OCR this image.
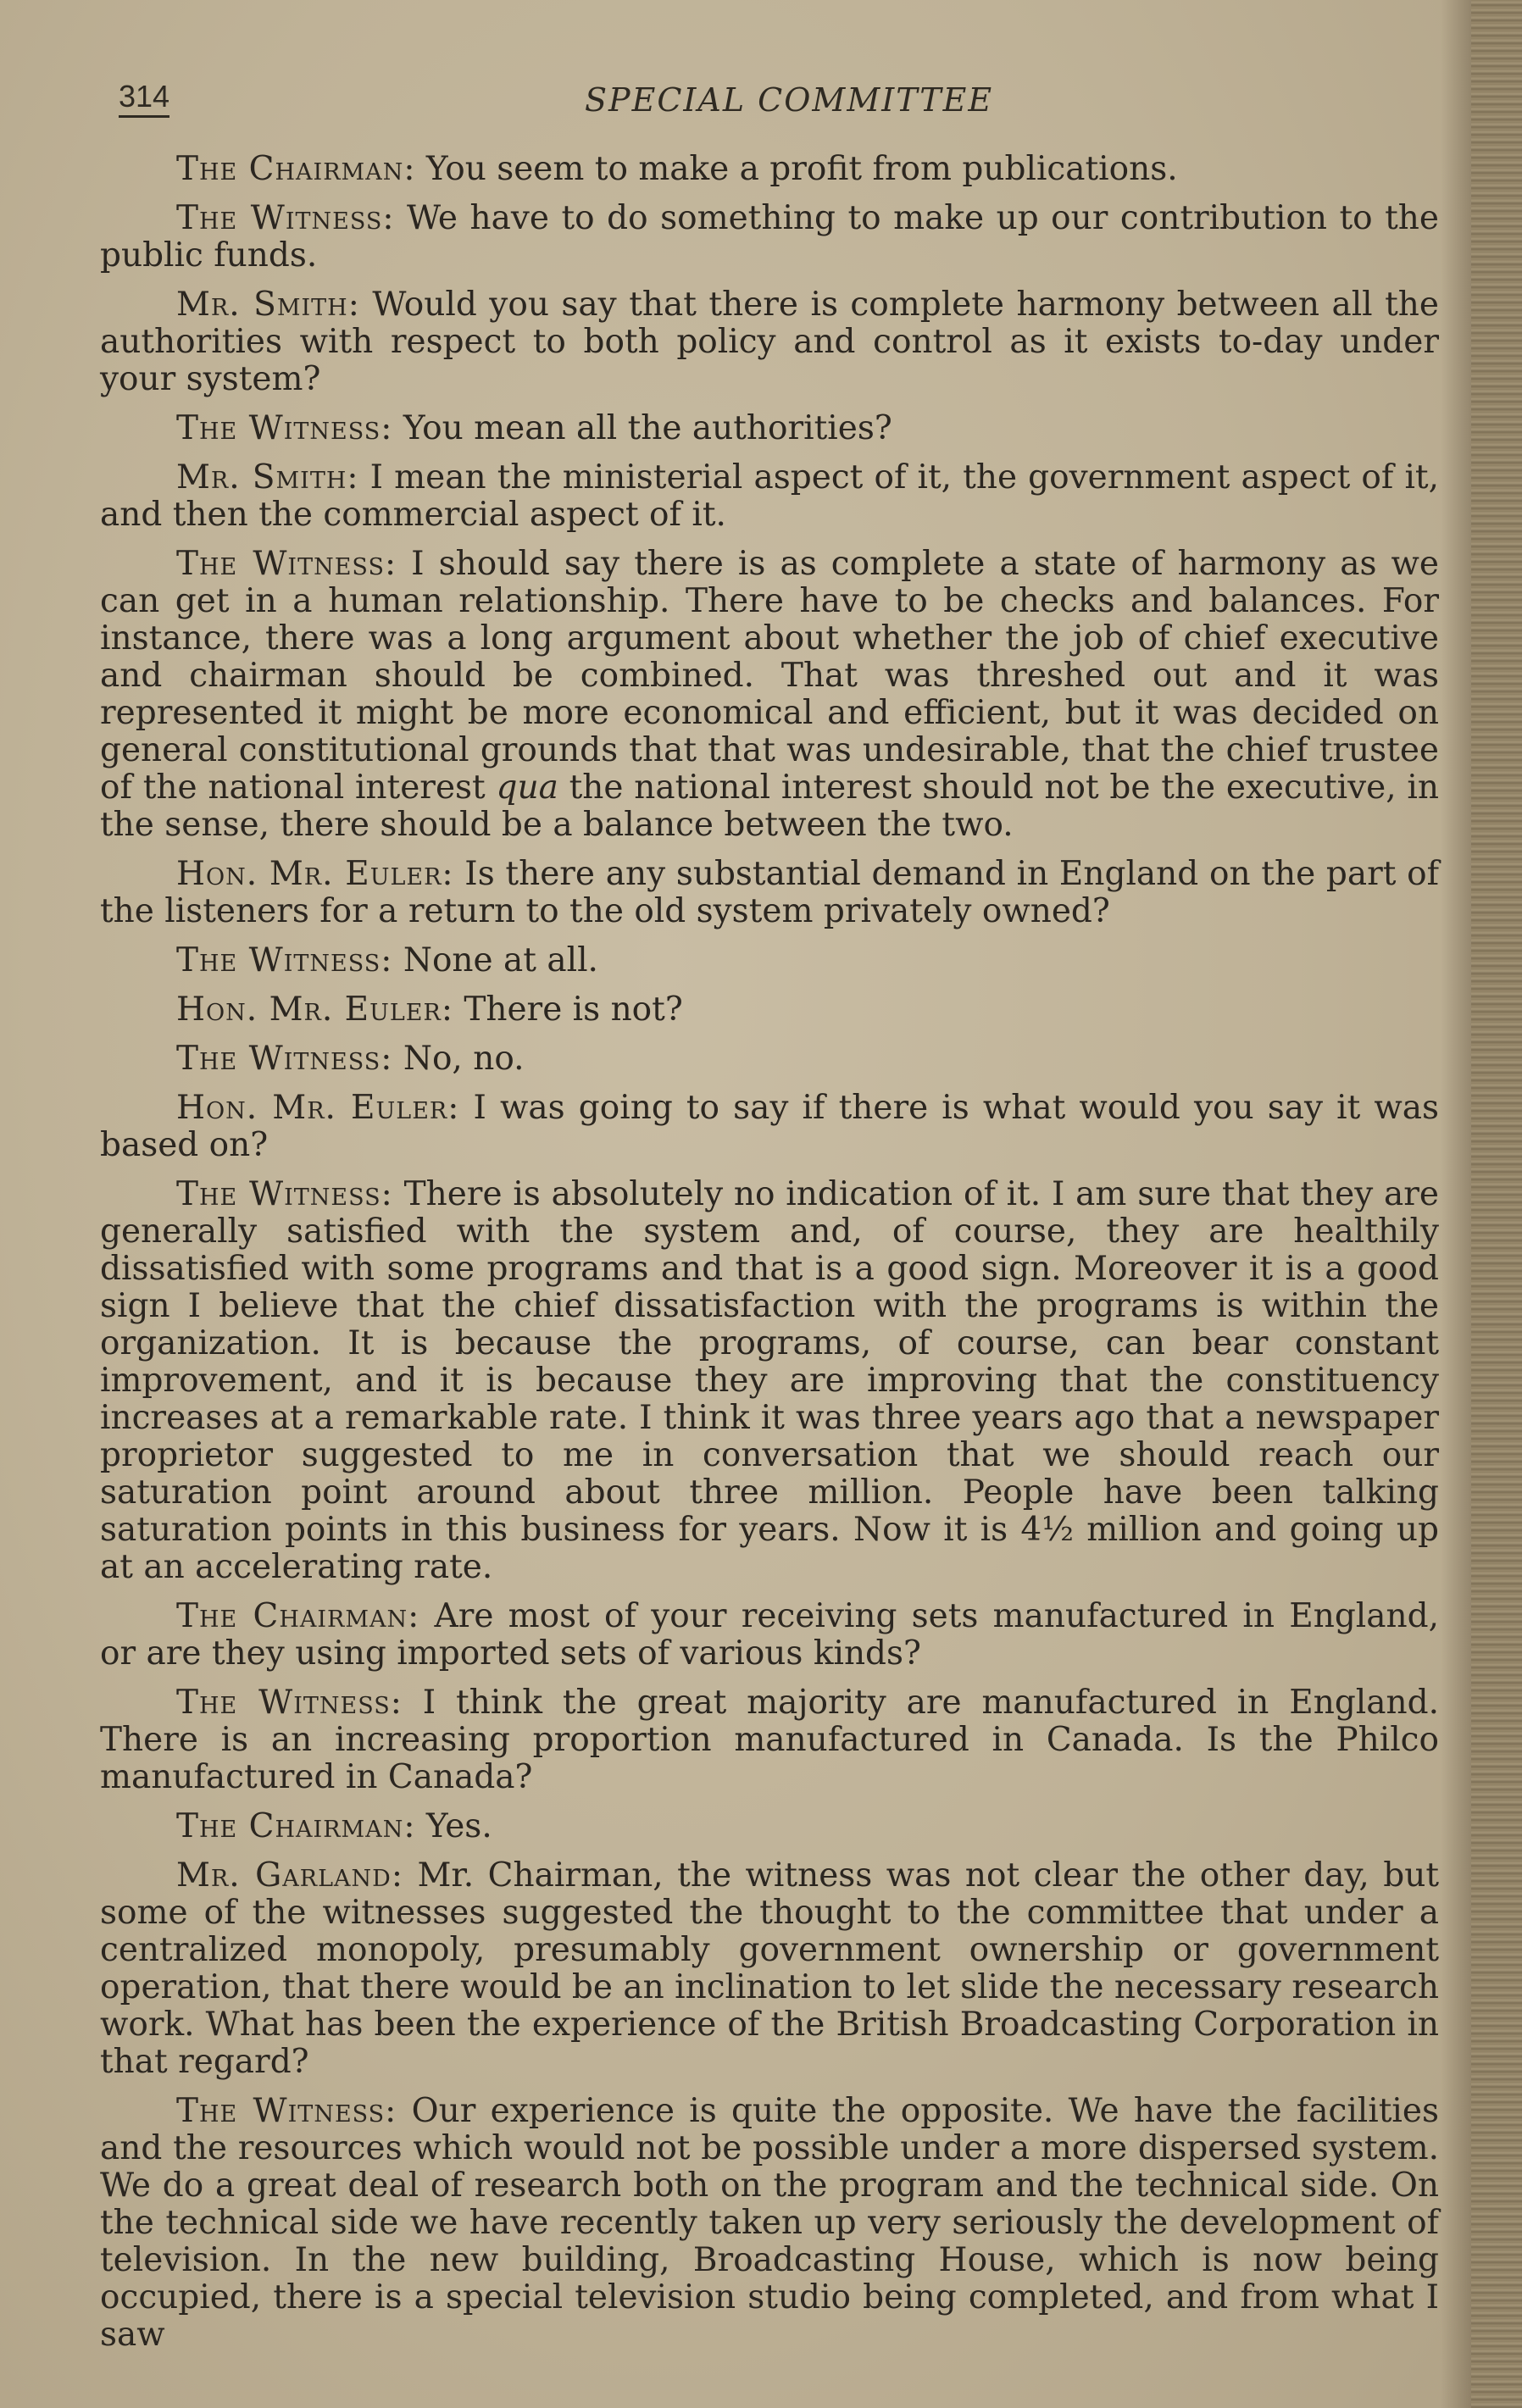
314	SPECIAL COMMITTEE

The Chairman: You seem to make a profit from publications.

The Witness: We have to do something to make up our contribution to the public funds.

Mr. Smith: Would you say that there is complete harmony between all the authorities with respect to both policy and control as it exists to-day under your system?

The Witness: You mean all the authorities?

Mr. Smith: I mean the ministerial aspect of it, the government aspect of it, and then the commercial aspect of it.

The Witness: I should say there is as complete a state of harmony as we can get in a human relationship. There have to be checks and balances. For instance, there was a long argument about whether the job of chief executive and chairman should be combined. That was threshed out and it was represented it might be more economical and efficient, but it was decided on general constitutional grounds that that was undesirable, that the chief trustee of the national interest qua the national interest should not be the executive, in the sense, there should be a balance between the two.

Hon. Mr. Euler: Is there any substantial demand in England on the part of the listeners for a return to the old system privately owned?

The Witness: None at all.

Hon. Mr. Euler: There is not?

The Witness: No, no.

Hon. Mr. Euler: I was going to say if there is what would you say it was based on?

The Witness: There is absolutely no indication of it. I am sure that they are generally satisfied with the system and, of course, they are healthily dissatisfied with some programs and that is a good sign. Moreover it is a good sign I believe that the chief dissatisfaction with the programs is within the organization. It is because the programs, of course, can bear constant improvement, and it is because they are improving that the constituency increases at a remarkable rate. I think it was three years ago that a newspaper proprietor suggested to me in conversation that we should reach our saturation point around about three million. People have been talking saturation points in this business for years. Now it is 4½ million and going up at an accelerating rate.

The Chairman: Are most of your receiving sets manufactured in England, or are they using imported sets of various kinds?

The Witness: I think the great majority are manufactured in England. There is an increasing proportion manufactured in Canada. Is the Philco manufactured in Canada?

The Chairman: Yes.

Mr. Garland: Mr. Chairman, the witness was not clear the other day, but some of the witnesses suggested the thought to the committee that under a centralized monopoly, presumably government ownership or government operation, that there would be an inclination to let slide the necessary research work. What has been the experience of the British Broadcasting Corporation in that regard?

The Witness: Our experience is quite the opposite. We have the facilities and the resources which would not be possible under a more dispersed system. We do a great deal of research both on the program and the technical side. On the technical side we have recently taken up very seriously the development of television. In the new building, Broadcasting House, which is now being occupied, there is a special television studio being completed, and from what I saw
